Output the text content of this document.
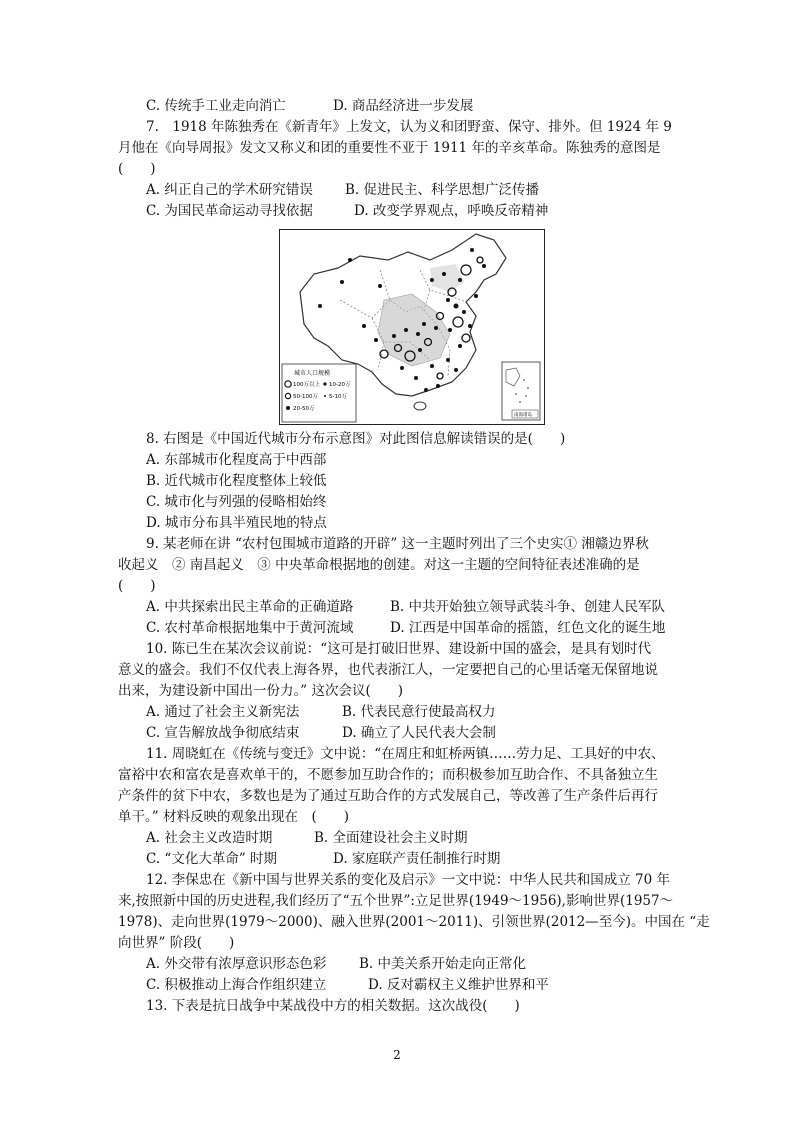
C. 传统手工业走向消亡	D. 商品经济进一步发展
7.　1918 年陈独秀在《新青年》上发文，认为义和团野蛮、保守、排外。但 1924 年 9
月他在《向导周报》发文又称义和团的重要性不亚于 1911 年的辛亥革命。陈独秀的意图是
(　　)
A. 纠正自己的学术研究错误 B. 促进民主、科学思想广泛传播
C. 为国民革命运动寻找依据	D. 改变学界观点，呼唤反帝精神
城市人口规模
100万以上 10-20万
50-100万 5-10万
20-50万
南海诸岛
8. 右图是《中国近代城市分布示意图》对此图信息解读错误的是(　　)
A. 东部城市化程度高于中西部
B. 近代城市化程度整体上较低
C. 城市化与列强的侵略相始终
D. 城市分布具半殖民地的特点
9. 某老师在讲 “农村包围城市道路的开辟” 这一主题时列出了三个史实① 湘赣边界秋
收起义　② 南昌起义　③ 中央革命根据地的创建。对这一主题的空间特征表述准确的是
(　　)
A. 中共探索出民主革命的正确道路	B. 中共开始独立领导武装斗争、创建人民军队
C. 农村革命根据地集中于黄河流域	D. 江西是中国革命的摇篮，红色文化的诞生地
10. 陈已生在某次会议前说：“这可是打破旧世界、建设新中国的盛会，是具有划时代
意义的盛会。我们不仅代表上海各界，也代表浙江人，一定要把自己的心里话毫无保留地说
出来，为建设新中国出一份力。” 这次会议(　　)
A. 通过了社会主义新宪法	B. 代表民意行使最高权力
C. 宣告解放战争彻底结束	D. 确立了人民代表大会制
11. 周晓虹在《传统与变迁》文中说：“在周庄和虹桥两镇……劳力足、工具好的中农、
富裕中农和富农是喜欢单干的，不愿参加互助合作的；而积极参加互助合作、不具备独立生
产条件的贫下中农，多数也是为了通过互助合作的方式发展自己，等改善了生产条件后再行
单干。” 材料反映的观象出现在　(　　)
A. 社会主义改造时期	B. 全面建设社会主义时期
C. “文化大革命” 时期	D. 家庭联产责任制推行时期
12. 李保忠在《新中国与世界关系的变化及启示》一文中说：中华人民共和国成立 70 年
来,按照新中国的历史进程,我们经历了“五个世界”:立足世界(1949～1956),影响世界(1957～
1978)、走向世界(1979～2000)、融入世界(2001～2011)、引领世界(2012—至今)。中国在 “走
向世界” 阶段(　　)
A. 外交带有浓厚意识形态色彩 B. 中美关系开始走向正常化
C. 积极推动上海合作组织建立	D. 反对霸权主义维护世界和平
13. 下表是抗日战争中某战役中方的相关数据。这次战役(　　)
2
